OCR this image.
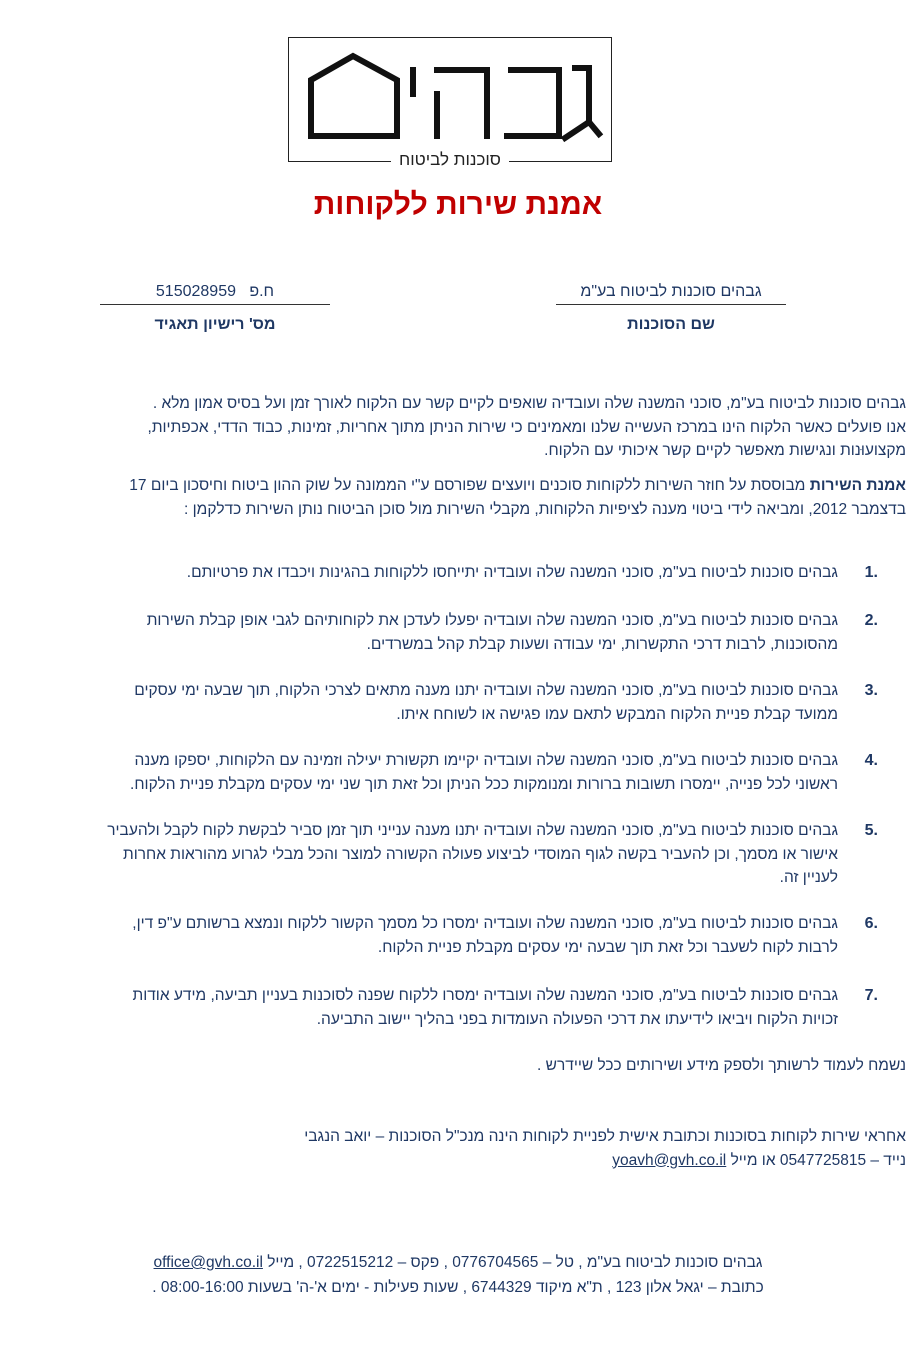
סוכנות לביטוח
אמנת שירות ללקוחות
גבהים סוכנות לביטוח בע"מ
שם הסוכנות
515028959 ח.פ
מס' רישיון תאגיד
גבהים סוכנות לביטוח בע"מ, סוכני המשנה שלה ועובדיה שואפים לקיים קשר עם הלקוח לאורך זמן ועל בסיס אמון מלא .
אנו פועלים כאשר הלקוח הינו במרכז העשייה שלנו ומאמינים כי שירות הניתן מתוך אחריות, זמינות, כבוד הדדי, אכפתיות,
מקצועוּנות ונגישות מאפשר לקיים קשר איכותי עם הלקוח.
אמנת השירות מבוססת על חוזר השירות ללקוחות סוכנים ויועצים שפורסם ע"י הממונה על שוק ההון ביטוח וחיסכון ביום 17
בדצמבר 2012, ומביאה לידי ביטוי מענה לציפיות הלקוחות, מקבלי השירות מול סוכן הביטוח נותן השירות כדלקמן :
1.
גבהים סוכנות לביטוח בע"מ, סוכני המשנה שלה ועובדיה יתייחסו ללקוחות בהגינות ויכבדו את פרטיותם.
2.
גבהים סוכנות לביטוח בע"מ, סוכני המשנה שלה ועובדיה יפעלו לעדכן את לקוחותיהם לגבי אופן קבלת השירות
מהסוכנות, לרבות דרכי התקשרות, ימי עבודה ושעות קבלת קהל במשרדים.
3.
גבהים סוכנות לביטוח בע"מ, סוכני המשנה שלה ועובדיה יתנו מענה מתאים לצרכי הלקוח, תוך שבעה ימי עסקים
ממועד קבלת פניית הלקוח המבקש לתאם עמו פגישה או לשוחח איתו.
4.
גבהים סוכנות לביטוח בע"מ, סוכני המשנה שלה ועובדיה יקיימו תקשורת יעילה וזמינה עם הלקוחות, יספקו מענה
ראשוני לכל פנייה, יימסרו תשובות ברורות ומנומקות ככל הניתן וכל זאת תוך שני ימי עסקים מקבלת פניית הלקוח.
5.
גבהים סוכנות לביטוח בע"מ, סוכני המשנה שלה ועובדיה יתנו מענה ענייני תוך זמן סביר לבקשת לקוח לקבל ולהעביר
אישור או מסמך, וכן להעביר בקשה לגוף המוסדי לביצוע פעולה הקשורה למוצר והכל מבלי לגרוע מהוראות אחרות
לעניין זה.
6.
גבהים סוכנות לביטוח בע"מ, סוכני המשנה שלה ועובדיה ימסרו כל מסמך הקשור ללקוח ונמצא ברשותם ע"פ דין,
לרבות לקוח לשעבר וכל זאת תוך שבעה ימי עסקים מקבלת פניית הלקוח.
7.
גבהים סוכנות לביטוח בע"מ, סוכני המשנה שלה ועובדיה ימסרו ללקוח שפנה לסוכנות בעניין תביעה, מידע אודות
זכויות הלקוח ויביאו לידיעתו את דרכי הפעולה העומדות בפני בהליך יישוב התביעה.
נשמח לעמוד לרשותך ולספק מידע ושירותים ככל שיידרש .
אחראי שירות לקוחות בסוכנות וכתובת אישית לפניית לקוחות הינה מנכ"ל הסוכנות – יואב הנגבי
נייד – 0547725815 או מייל yoavh@gvh.co.il
גבהים סוכנות לביטוח בע"מ , טל – 0776704565 , פקס – 0722515212 , מייל office@gvh.co.il
כתובת – יגאל אלון 123 , ת"א מיקוד 6744329 , שעות פעילות - ימים א'-ה' בשעות 08:00-16:00 .
